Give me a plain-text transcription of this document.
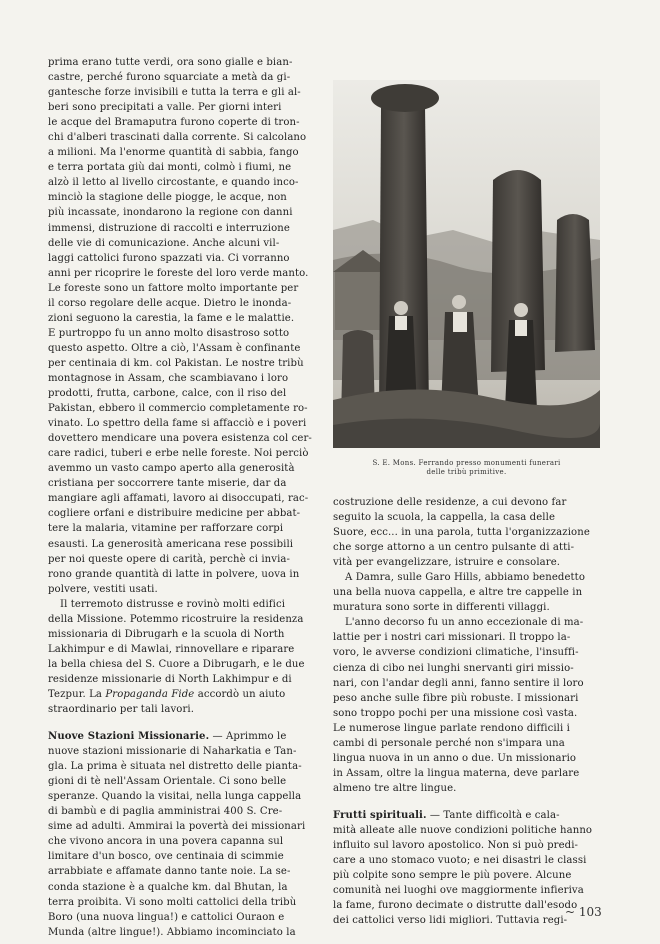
prima erano tutte verdi, ora sono gialle e bian-
castre, perché furono squarciate a metà da gi-
gantesche forze invisibili e tutta la terra e gli al-
beri sono precipitati a valle. Per giorni interi
le acque del Bramaputra furono coperte di tron-
chi d'alberi trascinati dalla corrente. Si calcolano
a milioni. Ma l'enorme quantità di sabbia, fango
e terra portata giù dai monti, colmò i fiumi, ne
alzò il letto al livello circostante, e quando inco-
minciò la stagione delle piogge, le acque, non
più incassate, inondarono la regione con danni
immensi, distruzione di raccolti e interruzione
delle vie di comunicazione. Anche alcuni vil-
laggi cattolici furono spazzati via. Ci vorranno
anni per ricoprire le foreste del loro verde manto.
Le foreste sono un fattore molto importante per
il corso regolare delle acque. Dietro le inonda-
zioni seguono la carestia, la fame e le malattie.
E purtroppo fu un anno molto disastroso sotto
questo aspetto. Oltre a ciò, l'Assam è confinante
per centinaia di km. col Pakistan. Le nostre tribù
montagnose in Assam, che scambiavano i loro
prodotti, frutta, carbone, calce, con il riso del
Pakistan, ebbero il commercio completamente ro-
vinato. Lo spettro della fame si affacciò e i poveri
dovettero mendicare una povera esistenza col cer-
care radici, tuberi e erbe nelle foreste. Noi perciò
avemmo un vasto campo aperto alla generosità
cristiana per soccorrere tante miserie, dar da
mangiare agli affamati, lavoro ai disoccupati, rac-
cogliere orfani e distribuire medicine per abbat-
tere la malaria, vitamine per rafforzare corpi
esausti. La generosità americana rese possibili
per noi queste opere di carità, perchè ci invia-
rono grande quantità di latte in polvere, uova in
polvere, vestiti usati.
Il terremoto distrusse e rovinò molti edifici
della Missione. Potemmo ricostruire la residenza
missionaria di Dibrugarh e la scuola di North
Lakhimpur e di Mawlai, rinnovellare e riparare
la bella chiesa del S. Cuore a Dibrugarh, e le due
residenze missionarie di North Lakhimpur e di
Tezpur. La Propaganda Fide accordò un aiuto
straordinario per tali lavori.
Nuove Stazioni Missionarie. — Aprimmo le
nuove stazioni missionarie di Naharkatia e Tan-
gla. La prima è situata nel distretto delle pianta-
gioni di tè nell'Assam Orientale. Ci sono belle
speranze. Quando la visitai, nella lunga cappella
di bambù e di paglia amministrai 400 S. Cre-
sime ad adulti. Ammirai la povertà dei missionari
che vivono ancora in una povera capanna sul
limitare d'un bosco, ove centinaia di scimmie
arrabbiate e affamate danno tante noie. La se-
conda stazione è a qualche km. dal Bhutan, la
terra proibita. Vi sono molti cattolici della tribù
Boro (una nuova lingua!) e cattolici Ouraon e
Munda (altre lingue!). Abbiamo incominciato la
S. E. Mons. Ferrando presso monumenti funerari
delle tribù primitive.
costruzione delle residenze, a cui devono far
seguito la scuola, la cappella, la casa delle
Suore, ecc... in una parola, tutta l'organizzazione
che sorge attorno a un centro pulsante di atti-
vità per evangelizzare, istruire e consolare.
A Damra, sulle Garo Hills, abbiamo benedetto
una bella nuova cappella, e altre tre cappelle in
muratura sono sorte in differenti villaggi.
L'anno decorso fu un anno eccezionale di ma-
lattie per i nostri cari missionari. Il troppo la-
voro, le avverse condizioni climatiche, l'insuffi-
cienza di cibo nei lunghi snervanti giri missio-
nari, con l'andar degli anni, fanno sentire il loro
peso anche sulle fibre più robuste. I missionari
sono troppo pochi per una missione così vasta.
Le numerose lingue parlate rendono difficili i
cambi di personale perché non s'impara una
lingua nuova in un anno o due. Un missionario
in Assam, oltre la lingua materna, deve parlare
almeno tre altre lingue.
Frutti spirituali. — Tante difficoltà e cala-
mità alleate alle nuove condizioni politiche hanno
influito sul lavoro apostolico. Non si può predi-
care a uno stomaco vuoto; e nei disastri le classi
più colpite sono sempre le più povere. Alcune
comunità nei luoghi ove maggiormente infieriva
la fame, furono decimate o distrutte dall'esodo
dei cattolici verso lidi migliori. Tuttavia regi-
~ 103
